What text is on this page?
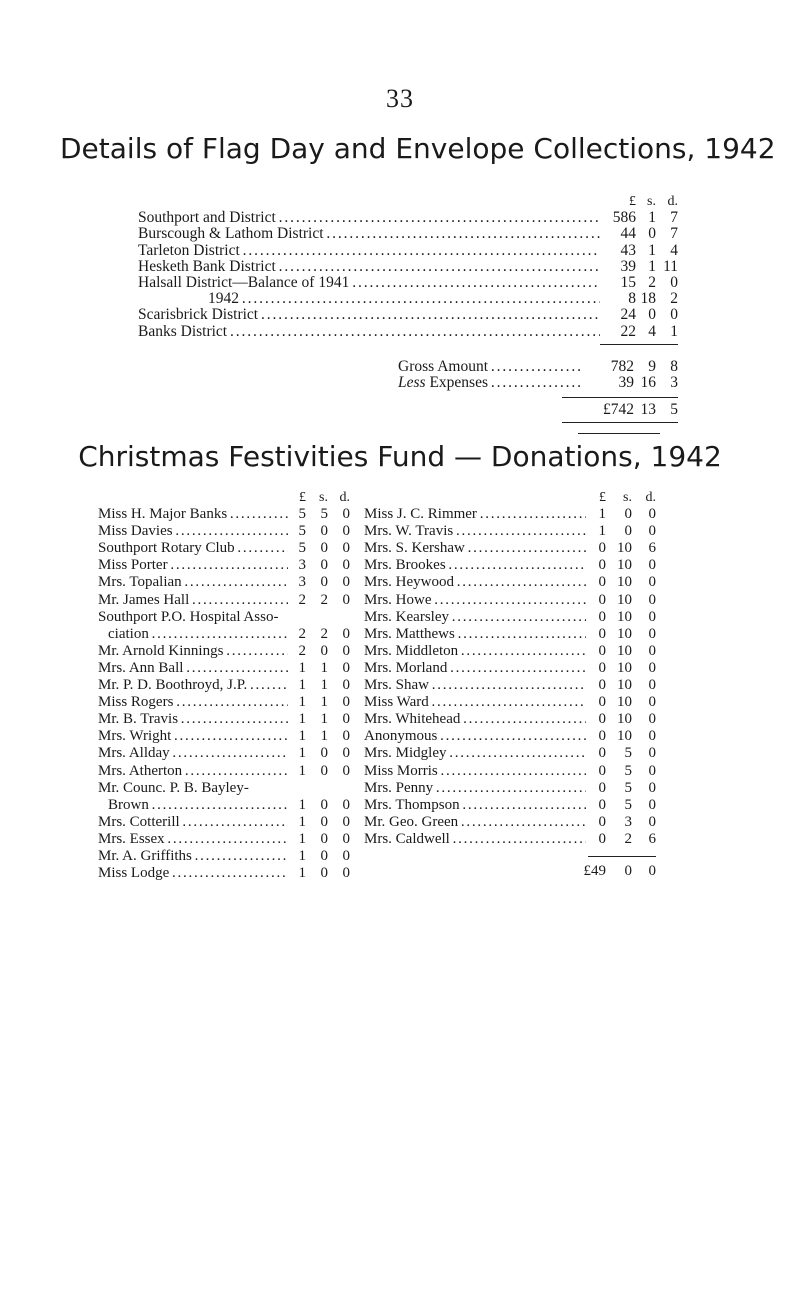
33
Details of Flag Day and Envelope Collections, 1942
£ s. d.
Southport and District . . .	586 1 7
Burscough & Lathom District . . .	44 0 7
Tarleton District . . .	43 1 4
Hesketh Bank District . . .	39 1 11
Halsall District—Balance of 1941 . . .	15 2 0
1942 . . .	8 18 2
Scarisbrick District . . .	24 0 0
Banks District . . .	22 4 1
Gross Amount . . .	782 9 8
Less Expenses . . .	39 16 3
£742 13 5
Christmas Festivities Fund — Donations, 1942
£ s. d.
Miss H. Major Banks . . .	5 5 0
Miss Davies . . .	5 0 0
Southport Rotary Club . . .	5 0 0
Miss Porter . . .	3 0 0
Mrs. Topalian . . .	3 0 0
Mr. James Hall . . .	2 2 0
Southport P.O. Hospital Asso-
ciation . . .	2 2 0
Mr. Arnold Kinnings . . .	2 0 0
Mrs. Ann Ball . . .	1 1 0
Mr. P. D. Boothroyd, J.P. . . .	1 1 0
Miss Rogers . . .	1 1 0
Mr. B. Travis . . .	1 1 0
Mrs. Wright . . .	1 1 0
Mrs. Allday . . .	1 0 0
Mrs. Atherton . . .	1 0 0
Mr. Counc. P. B. Bayley-
Brown . . .	1 0 0
Mrs. Cotterill . . .	1 0 0
Mrs. Essex . . .	1 0 0
Mr. A. Griffiths . . .	1 0 0
Miss Lodge . . .	1 0 0
£	s. d.
Miss J. C. Rimmer . . .	1	0	0
Mrs. W. Travis . . .	1	0	0
Mrs. S. Kershaw . . .	0 10	6
Mrs. Brookes . . .	0 10	0
Mrs. Heywood . . .	0 10	0
Mrs. Howe . . .	0 10	0
Mrs. Kearsley . . .	0 10	0
Mrs. Matthews . . .	0 10	0
Mrs. Middleton . . .	0 10	0
Mrs. Morland . . .	0 10	0
Mrs. Shaw . . .	0 10	0
Miss Ward . . .	0 10	0
Mrs. Whitehead . . .	0 10	0
Anonymous . . .	0 10	0
Mrs. Midgley . . .	0	5	0
Miss Morris . . .	0	5	0
Mrs. Penny . . .	0	5	0
Mrs. Thompson . . .	0	5	0
Mr. Geo. Green . . .	0	3	0
Mrs. Caldwell . . .	0	2	6
£49	0	0
